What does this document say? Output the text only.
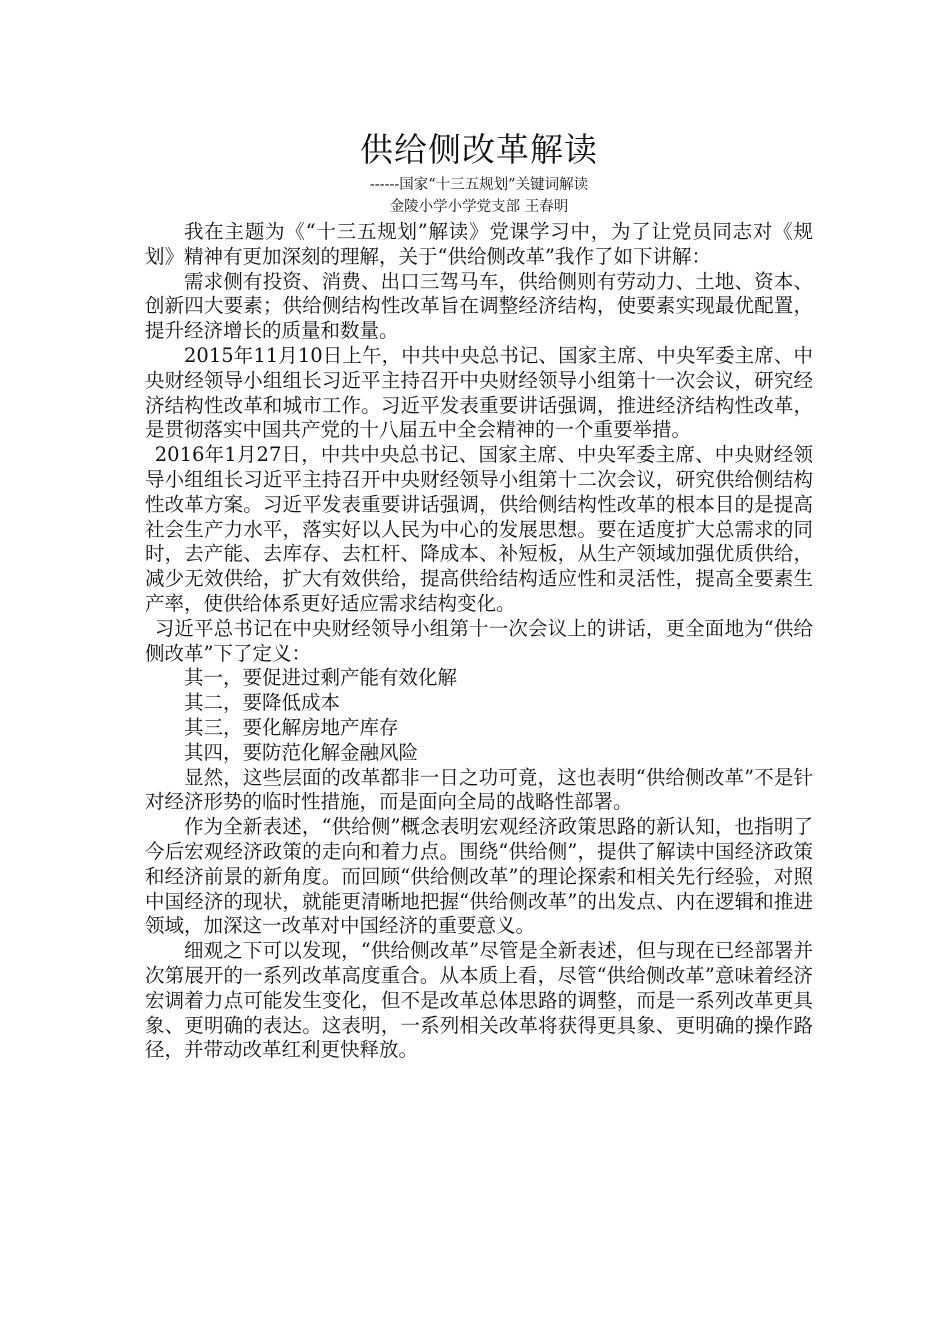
供给侧改革解读

------国家“十三五规划”关键词解读

金陵小学小学党支部 王春明

我在主题为《“十三五规划”解读》党课学习中，为了让党员同志对《规划》精神有更加深刻的理解，关于“供给侧改革”我作了如下讲解：

需求侧有投资、消费、出口三驾马车，供给侧则有劳动力、土地、资本、创新四大要素；供给侧结构性改革旨在调整经济结构，使要素实现最优配置，提升经济增长的质量和数量。

2015年11月10日上午，中共中央总书记、国家主席、中央军委主席、中央财经领导小组组长习近平主持召开中央财经领导小组第十一次会议，研究经济结构性改革和城市工作。习近平发表重要讲话强调，推进经济结构性改革，是贯彻落实中国共产党的十八届五中全会精神的一个重要举措。

2016年1月27日，中共中央总书记、国家主席、中央军委主席、中央财经领导小组组长习近平主持召开中央财经领导小组第十二次会议，研究供给侧结构性改革方案。习近平发表重要讲话强调，供给侧结构性改革的根本目的是提高社会生产力水平，落实好以人民为中心的发展思想。要在适度扩大总需求的同时，去产能、去库存、去杠杆、降成本、补短板，从生产领域加强优质供给，减少无效供给，扩大有效供给，提高供给结构适应性和灵活性，提高全要素生产率，使供给体系更好适应需求结构变化。

习近平总书记在中央财经领导小组第十一次会议上的讲话，更全面地为“供给侧改革”下了定义：

其一，要促进过剩产能有效化解

其二，要降低成本

其三，要化解房地产库存

其四，要防范化解金融风险

显然，这些层面的改革都非一日之功可竟，这也表明“供给侧改革”不是针对经济形势的临时性措施，而是面向全局的战略性部署。

作为全新表述，“供给侧”概念表明宏观经济政策思路的新认知，也指明了今后宏观经济政策的走向和着力点。围绕“供给侧”，提供了解读中国经济政策和经济前景的新角度。而回顾“供给侧改革”的理论探索和相关先行经验，对照中国经济的现状，就能更清晰地把握“供给侧改革”的出发点、内在逻辑和推进领域，加深这一改革对中国经济的重要意义。

细观之下可以发现，“供给侧改革”尽管是全新表述，但与现在已经部署并次第展开的一系列改革高度重合。从本质上看，尽管“供给侧改革”意味着经济宏调着力点可能发生变化，但不是改革总体思路的调整，而是一系列改革更具象、更明确的表达。这表明，一系列相关改革将获得更具象、更明确的操作路径，并带动改革红利更快释放。
